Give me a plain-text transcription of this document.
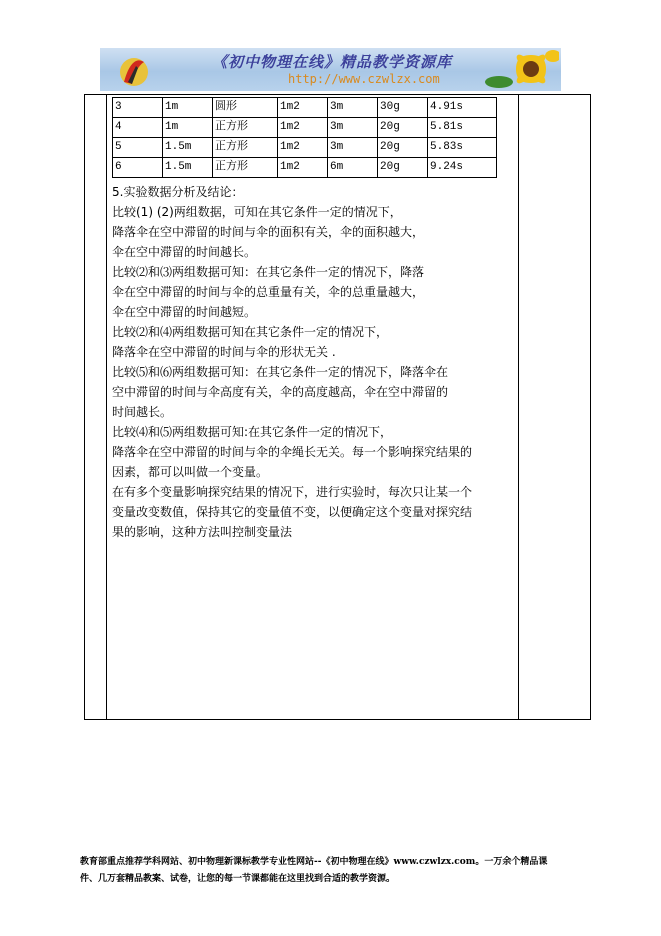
《初中物理在线》精品教学资源库
http://www.czwlzx.com
3	1m	圆形	1m2	3m	30g	4.91s
4	1m	正方形	1m2	3m	20g	5.81s
5	1.5m	正方形	1m2	3m	20g	5.83s
6	1.5m	正方形	1m2	6m	20g	9.24s
5.实验数据分析及结论：
比较(1) (2)两组数据，可知在其它条件一定的情况下，
降落伞在空中滞留的时间与伞的面积有关，伞的面积越大，
伞在空中滞留的时间越长。
比较⑵和⑶两组数据可知：在其它条件一定的情况下，降落
伞在空中滞留的时间与伞的总重量有关，伞的总重量越大，
伞在空中滞留的时间越短。
比较⑵和⑷两组数据可知在其它条件一定的情况下，
降落伞在空中滞留的时间与伞的形状无关 .
比较⑸和⑹两组数据可知：在其它条件一定的情况下，降落伞在
空中滞留的时间与伞高度有关，伞的高度越高，伞在空中滞留的
时间越长。
比较⑷和⑸两组数据可知:在其它条件一定的情况下，
降落伞在空中滞留的时间与伞的伞绳长无关。每一个影响探究结果的
因素，都可以叫做一个变量。
在有多个变量影响探究结果的情况下，进行实验时，每次只让某一个
变量改变数值，保持其它的变量值不变，以便确定这个变量对探究结
果的影响，这种方法叫控制变量法
教育部重点推荐学科网站、初中物理新课标教学专业性网站--《初中物理在线》www.czwlzx.com。一万余个精品课
件、几万套精品教案、试卷，让您的每一节课都能在这里找到合适的教学资源。
